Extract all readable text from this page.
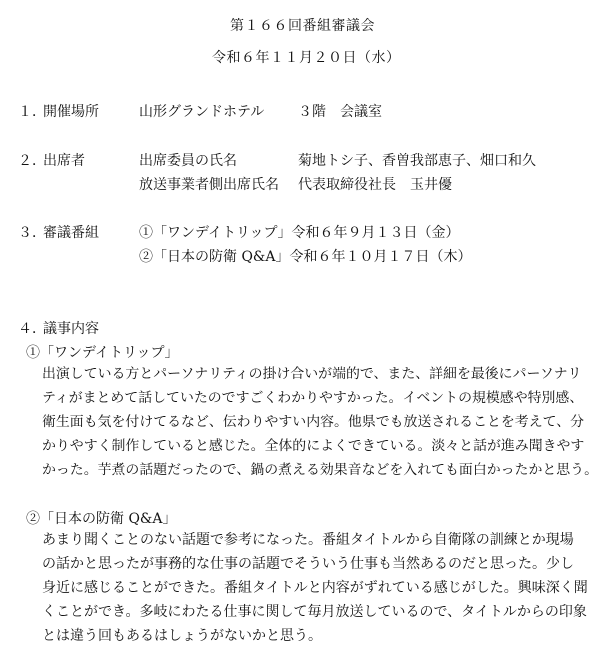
第１６６回番組審議会
令和６年１１月２０日（水）
１．
開催場所	山形グランドホテル ３階　会議室
２．
出席者	出席委員の氏名	菊地トシ子、香曽我部恵子、畑口和久
放送事業者側出席氏名 代表取締役社長　玉井優
３．
審議番組	①「ワンデイトリップ」令和６年９月１３日（金）
②「日本の防衛 Q&A」令和６年１０月１７日（木）
４．
議事内容
①「ワンデイトリップ」

出演している方とパーソナリティの掛け合いが端的で、また、詳細を最後にパーソナリ

ティがまとめて話していたのですごくわかりやすかった。イベントの規模感や特別感、

衛生面も気を付けてるなど、伝わりやすい内容。他県でも放送されることを考えて、分

かりやすく制作していると感じた。全体的によくできている。淡々と話が進み聞きやす

かった。芋煮の話題だったので、鍋の煮える効果音などを入れても面白かったかと思う。

②「日本の防衛 Q&A」

あまり聞くことのない話題で参考になった。番組タイトルから自衛隊の訓練とか現場

の話かと思ったが事務的な仕事の話題でそういう仕事も当然あるのだと思った。少し

身近に感じることができた。番組タイトルと内容がずれている感じがした。興味深く聞

くことができ。多岐にわたる仕事に関して毎月放送しているので、タイトルからの印象

とは違う回もあるはしょうがないかと思う。
